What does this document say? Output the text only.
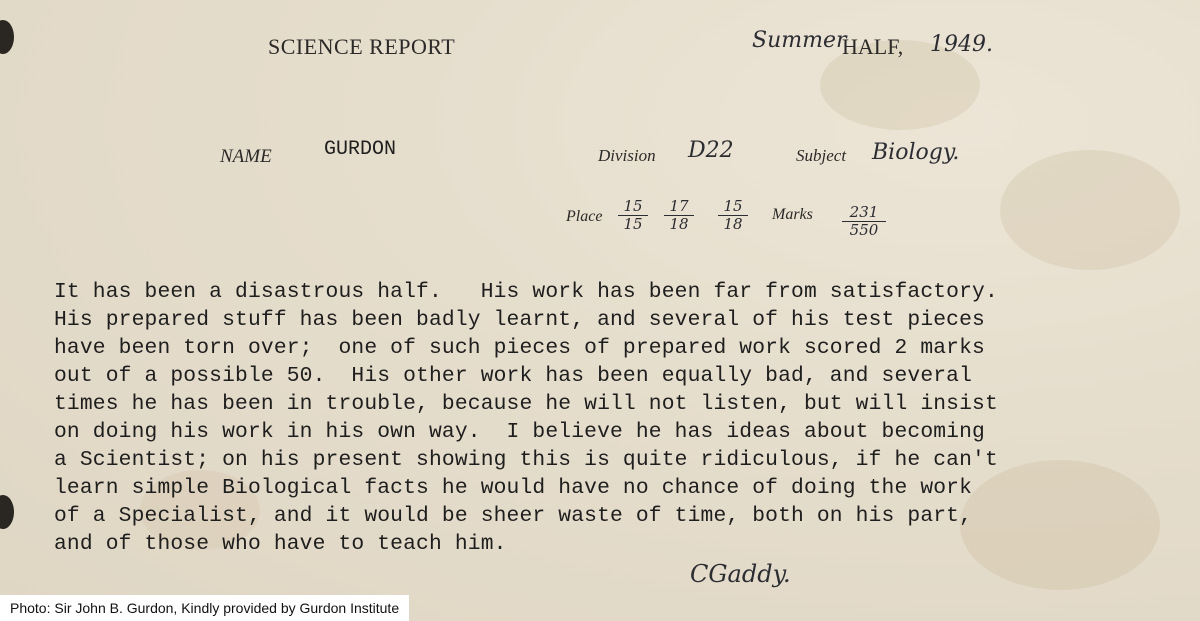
SCIENCE REPORT	Summer
HALF, 1949.
NAME	GURDON	Division D22	Subject Biology.
Place $\frac{15}{15} \frac{17}{18} \frac{15}{18}$ Marks $\frac{231}{550}$
It has been a disastrous half.   His work has been far from satisfactory.
His prepared stuff has been badly learnt, and several of his test pieces
have been torn over;  one of such pieces of prepared work scored 2 marks
out of a possible 50.  His other work has been equally bad, and several
times he has been in trouble, because he will not listen, but will insist
on doing his work in his own way.  I believe he has ideas about becoming
a Scientist; on his present showing this is quite ridiculous, if he can't
learn simple Biological facts he would have no chance of doing the work
of a Specialist, and it would be sheer waste of time, both on his part,
and of those who have to teach him.
CGaddy.
Photo: Sir John B. Gurdon, Kindly provided by Gurdon Institute
